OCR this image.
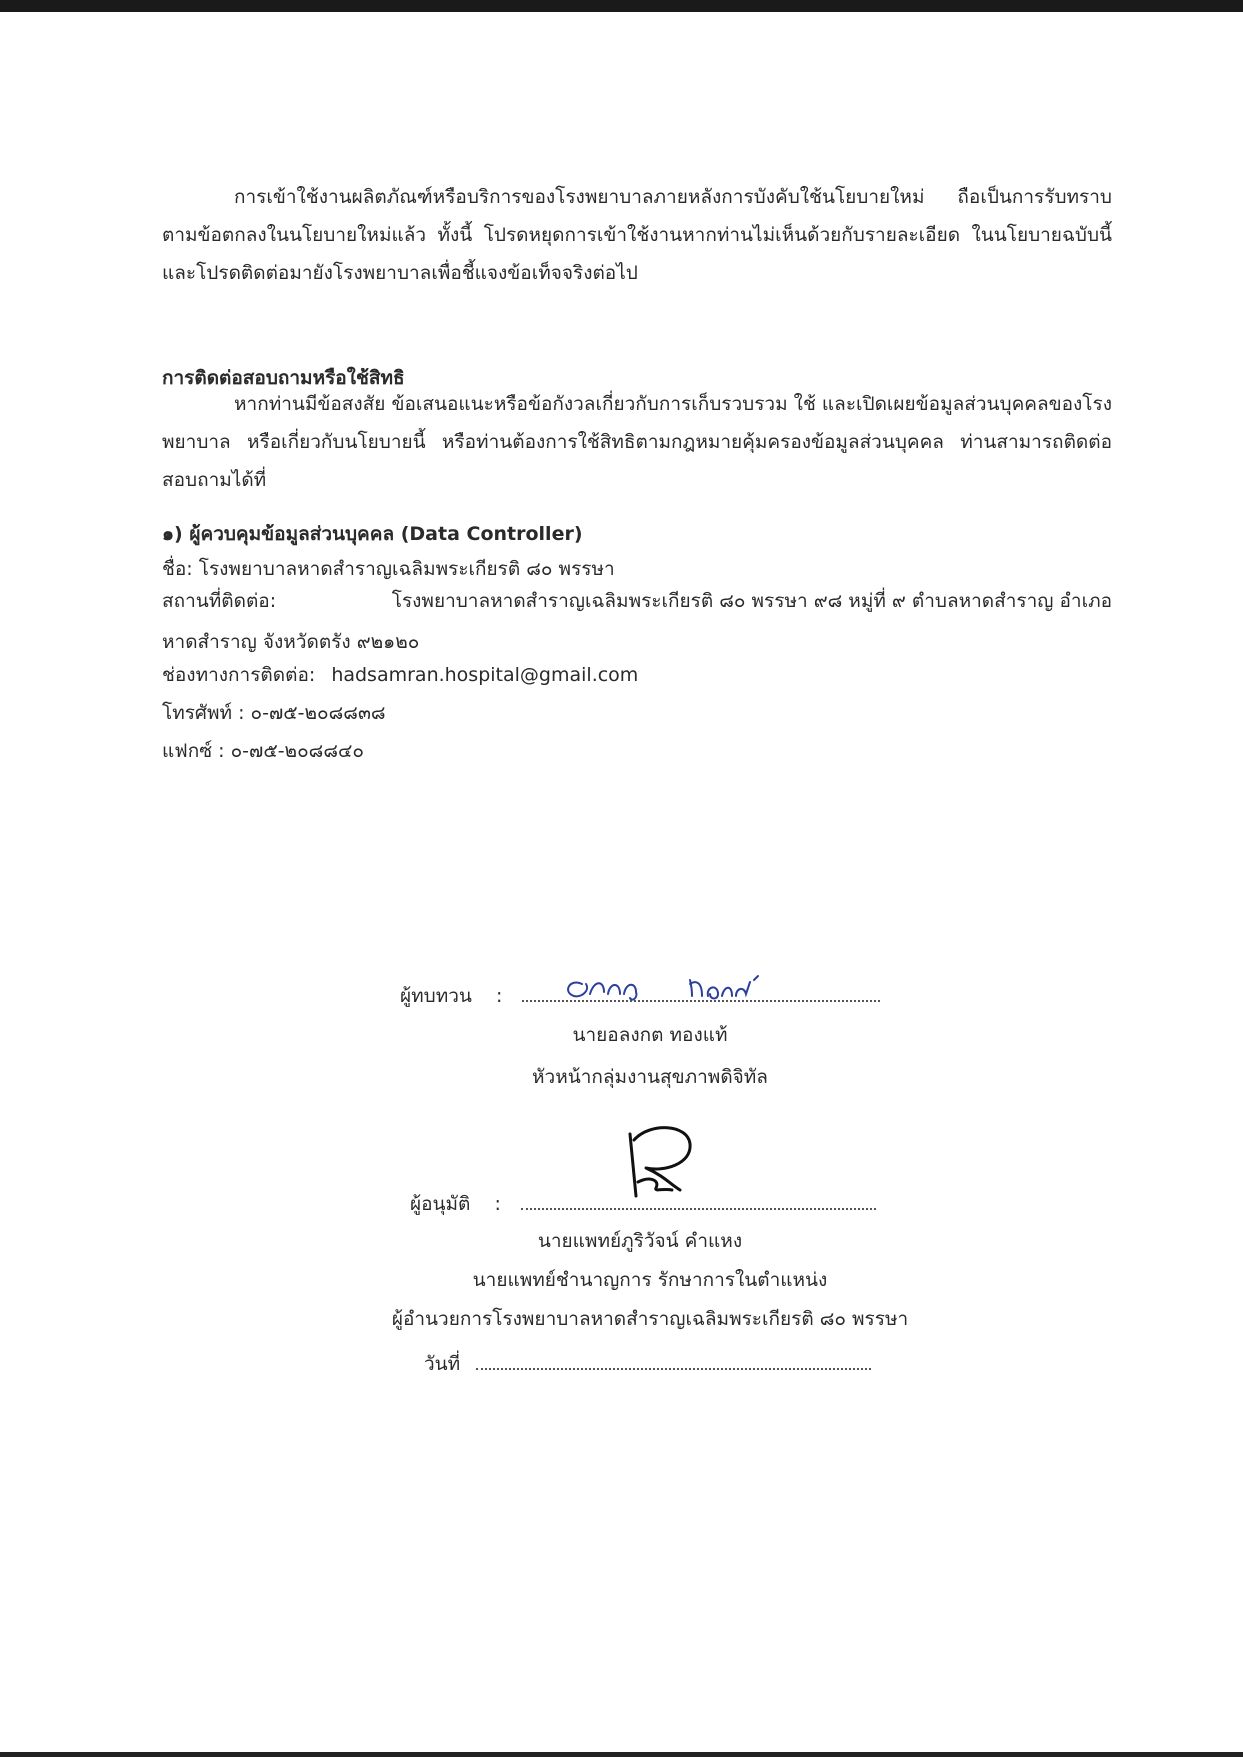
การเข้าใช้งานผลิตภัณฑ์หรือบริการของโรงพยาบาลภายหลังการบังคับใช้นโยบายใหม่ ถือเป็นการรับทราบตามข้อตกลงในนโยบายใหม่แล้ว ทั้งนี้ โปรดหยุดการเข้าใช้งานหากท่านไม่เห็นด้วยกับรายละเอียด ในนโยบายฉบับนี้และโปรดติดต่อมายังโรงพยาบาลเพื่อชี้แจงข้อเท็จจริงต่อไป

การติดต่อสอบถามหรือใช้สิทธิ

หากท่านมีข้อสงสัย ข้อเสนอแนะหรือข้อกังวลเกี่ยวกับการเก็บรวบรวม ใช้ และเปิดเผยข้อมูลส่วนบุคคลของโรงพยาบาล หรือเกี่ยวกับนโยบายนี้ หรือท่านต้องการใช้สิทธิตามกฎหมายคุ้มครองข้อมูลส่วนบุคคล ท่านสามารถติดต่อสอบถามได้ที่

๑) ผู้ควบคุมข้อมูลส่วนบุคคล (Data Controller)

ชื่อ: โรงพยาบาลหาดสำราญเฉลิมพระเกียรติ ๘๐ พรรษา

สถานที่ติดต่อ:	โรงพยาบาลหาดสำราญเฉลิมพระเกียรติ ๘๐ พรรษา ๙๘ หมู่ที่ ๙ ตำบลหาดสำราญ อำเภอ

หาดสำราญ จังหวัดตรัง ๙๒๑๒๐

ช่องทางการติดต่อ: hadsamran.hospital@gmail.com

โทรศัพท์ : ๐-๗๕-๒๐๘๘๓๘

แฟกซ์ : ๐-๗๕-๒๐๘๘๔๐

ผู้ทบทวน :
นายอลงกต ทองแท้
หัวหน้ากลุ่มงานสุขภาพดิจิทัล
ผู้อนุมัติ :
นายแพทย์ภูริวัจน์ คำแหง
นายแพทย์ชำนาญการ รักษาการในตำแหน่ง
ผู้อำนวยการโรงพยาบาลหาดสำราญเฉลิมพระเกียรติ ๘๐ พรรษา
วันที่
